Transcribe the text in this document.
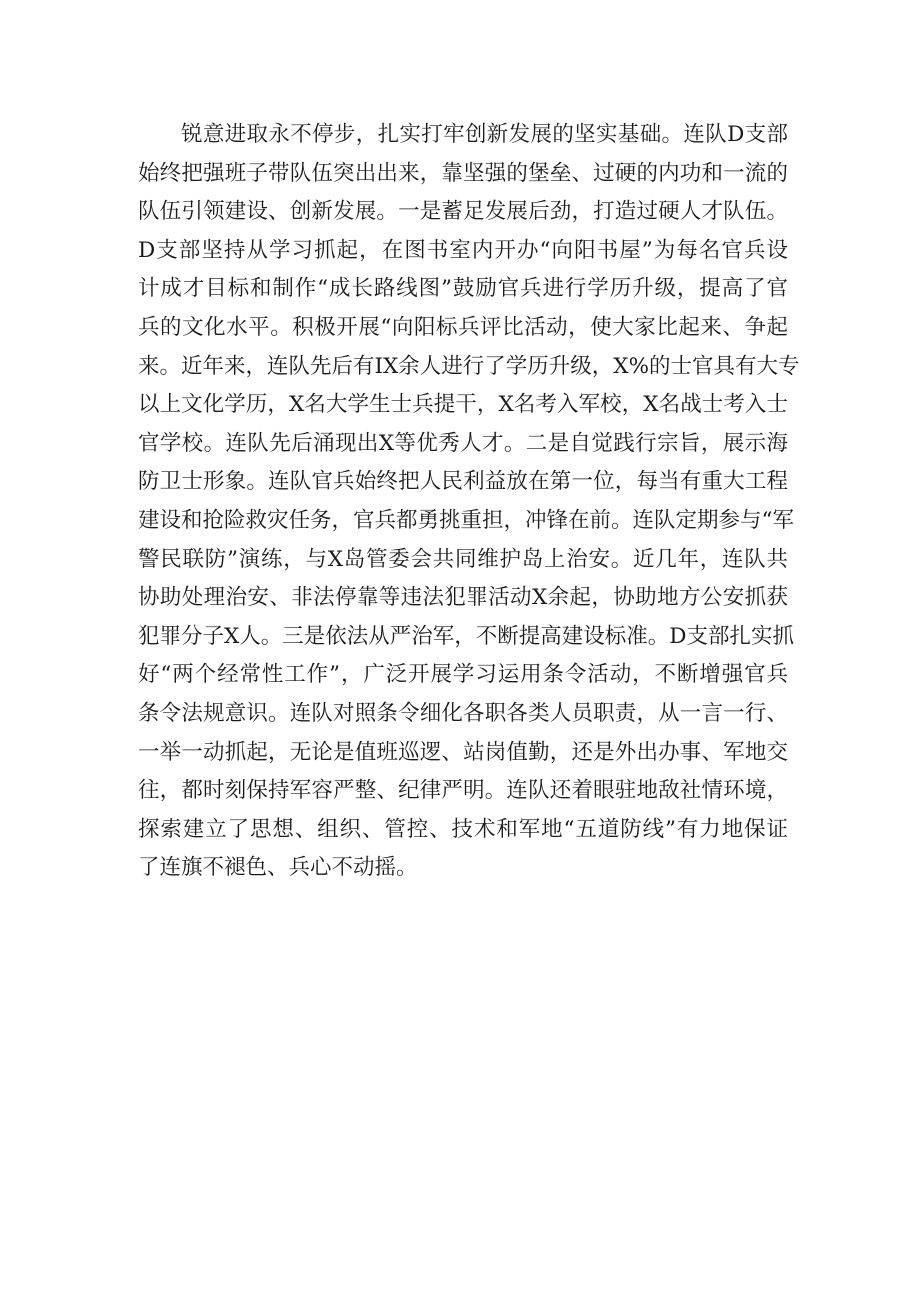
锐意进取永不停步，扎实打牢创新发展的坚实基础。连队D支部
始终把强班子带队伍突出出来，靠坚强的堡垒、过硬的内功和一流的
队伍引领建设、创新发展。一是蓄足发展后劲，打造过硬人才队伍。
D支部坚持从学习抓起，在图书室内开办“向阳书屋”为每名官兵设
计成才目标和制作“成长路线图”鼓励官兵进行学历升级，提高了官
兵的文化水平。积极开展“向阳标兵评比活动，使大家比起来、争起
来。近年来，连队先后有IX余人进行了学历升级，X%的士官具有大专
以上文化学历，X名大学生士兵提干，X名考入军校，X名战士考入士
官学校。连队先后涌现出X等优秀人才。二是自觉践行宗旨，展示海
防卫士形象。连队官兵始终把人民利益放在第一位，每当有重大工程
建设和抢险救灾任务，官兵都勇挑重担，冲锋在前。连队定期参与“军
警民联防”演练，与X岛管委会共同维护岛上治安。近几年，连队共
协助处理治安、非法停靠等违法犯罪活动X余起，协助地方公安抓获
犯罪分子X人。三是依法从严治军，不断提高建设标准。D支部扎实抓
好“两个经常性工作”，广泛开展学习运用条令活动，不断增强官兵
条令法规意识。连队对照条令细化各职各类人员职责，从一言一行、
一举一动抓起，无论是值班巡逻、站岗值勤，还是外出办事、军地交
往，都时刻保持军容严整、纪律严明。连队还着眼驻地敌社情环境，
探索建立了思想、组织、管控、技术和军地“五道防线”有力地保证
了连旗不褪色、兵心不动摇。
